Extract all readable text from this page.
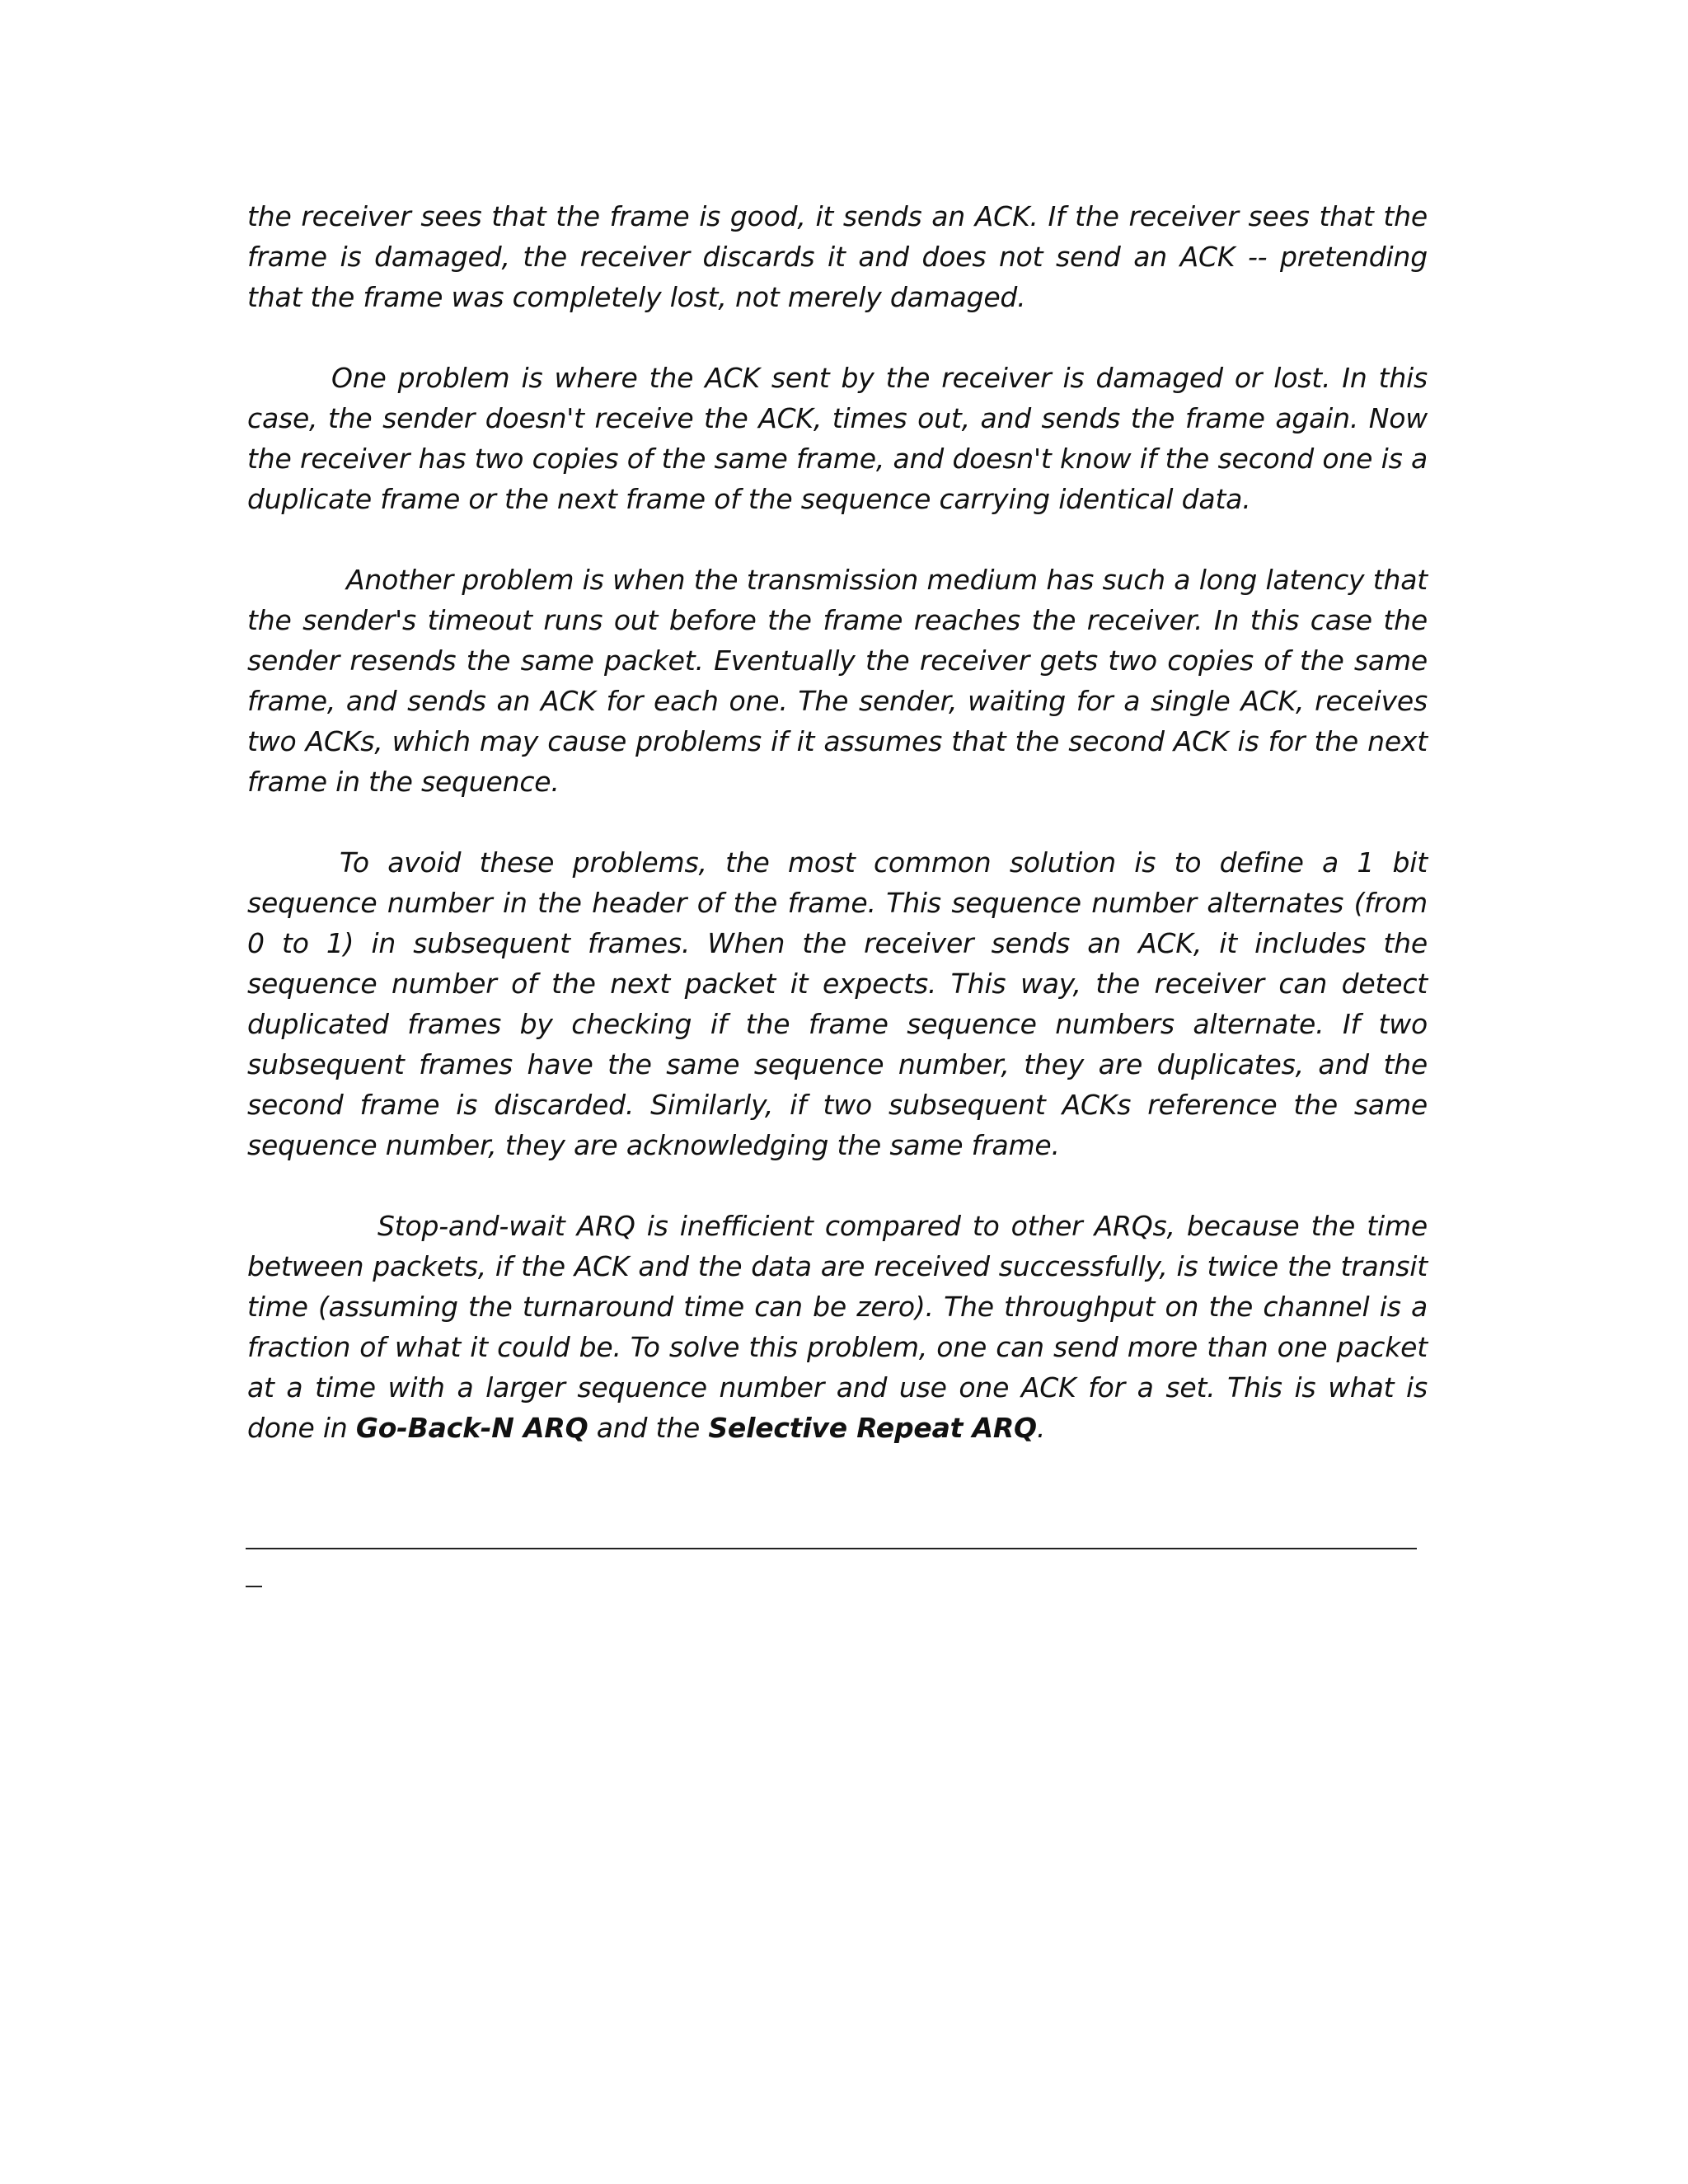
the receiver sees that the frame is good, it sends an ACK. If the receiver sees that the frame is damaged, the receiver discards it and does not send an ACK -- pretending that the frame was completely lost, not merely damaged.

One problem is where the ACK sent by the receiver is damaged or lost. In this case, the sender doesn't receive the ACK, times out, and sends the frame again. Now the receiver has two copies of the same frame, and doesn't know if the second one is a duplicate frame or the next frame of the sequence carrying identical data.

Another problem is when the transmission medium has such a long latency that the sender's timeout runs out before the frame reaches the receiver. In this case the sender resends the same packet. Eventually the receiver gets two copies of the same frame, and sends an ACK for each one. The sender, waiting for a single ACK, receives two ACKs, which may cause problems if it assumes that the second ACK is for the next frame in the sequence.

To avoid these problems, the most common solution is to define a 1 bit sequence number in the header of the frame. This sequence number alternates (from 0 to 1) in subsequent frames. When the receiver sends an ACK, it includes the sequence number of the next packet it expects. This way, the receiver can detect duplicated frames by checking if the frame sequence numbers alternate. If two subsequent frames have the same sequence number, they are duplicates, and the second frame is discarded. Similarly, if two subsequent ACKs reference the same sequence number, they are acknowledging the same frame.

Stop-and-wait ARQ is inefficient compared to other ARQs, because the time between packets, if the ACK and the data are received successfully, is twice the transit time (assuming the turnaround time can be zero). The throughput on the channel is a fraction of what it could be. To solve this problem, one can send more than one packet at a time with a larger sequence number and use one ACK for a set. This is what is done in Go-Back-N ARQ and the Selective Repeat ARQ.
